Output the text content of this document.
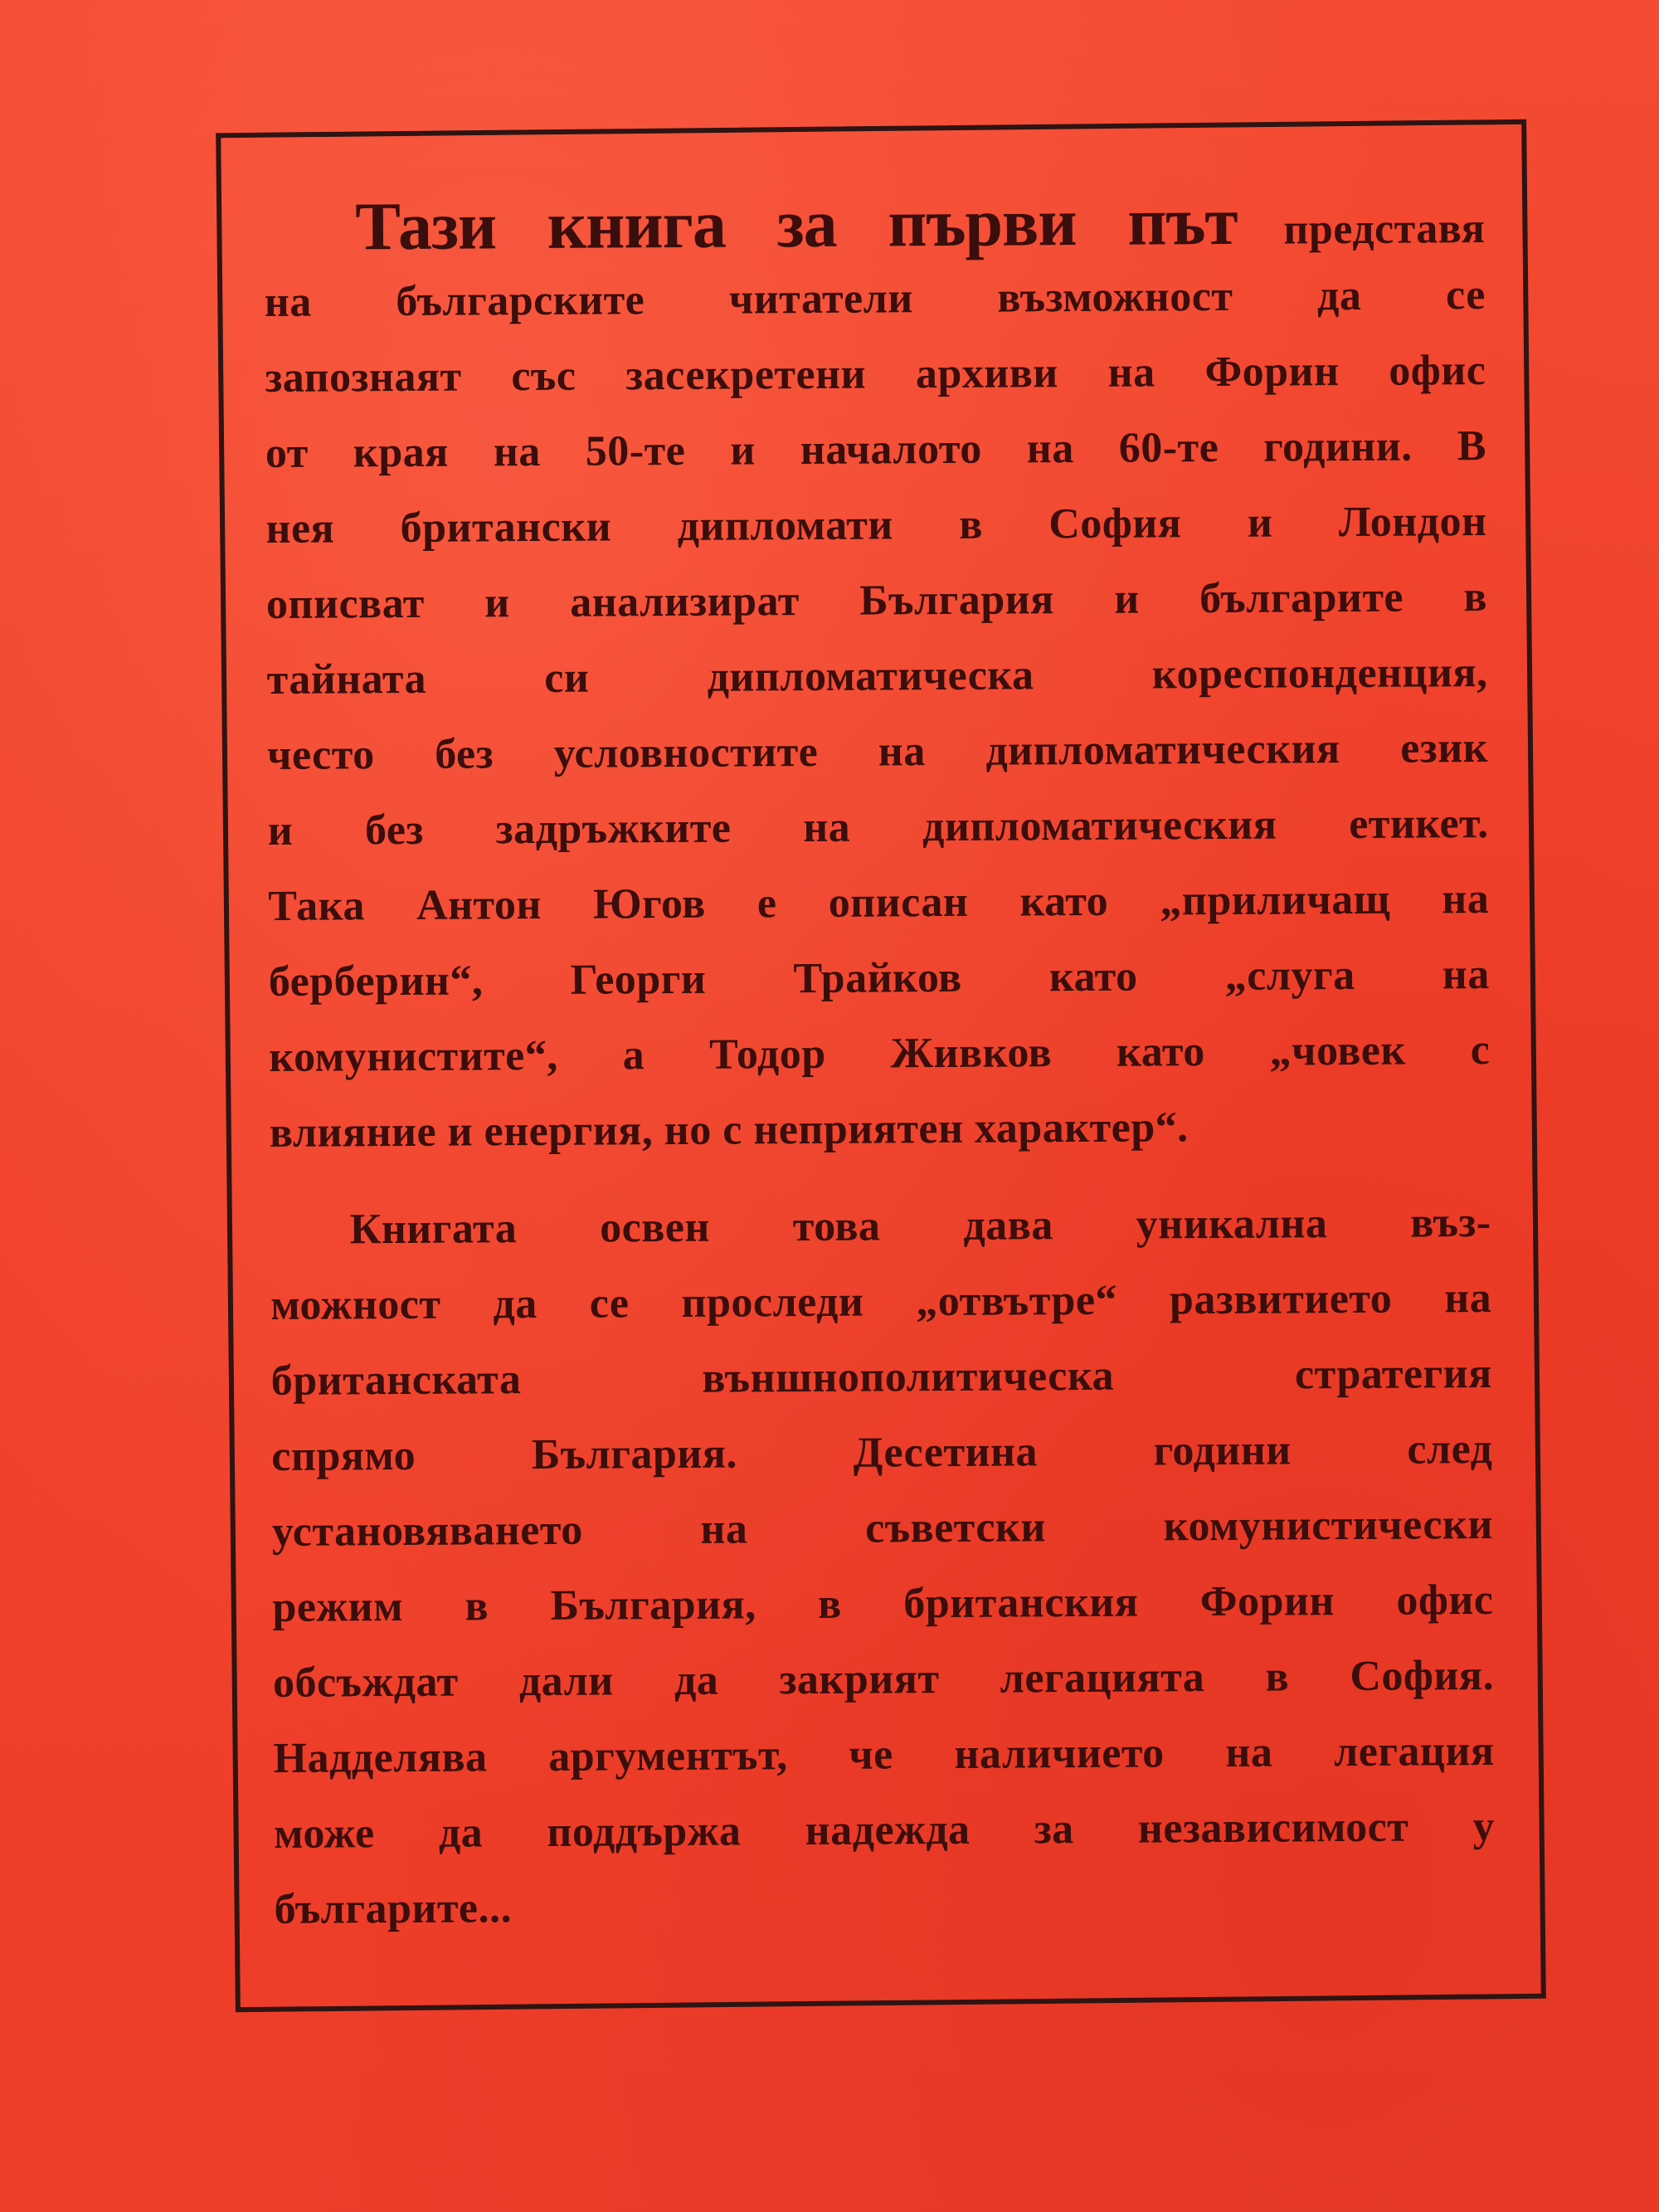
Тази книга за първи път представя
на българските читатели възможност да се
запознаят със засекретени архиви на Форин офис
от края на 50-те и началото на 60-те години. В
нея британски дипломати в София и Лондон
описват и анализират България и българите в
тайната си дипломатическа кореспонденция,
често без условностите на дипломатическия език
и без задръжките на дипломатическия етикет.
Така Антон Югов е описан като „приличащ на
берберин“, Георги Трайков като „слуга на
комунистите“, а Тодор Живков като „човек с
влияние и енергия, но с неприятен характер“.
Книгата освен това дава уникална въз-
можност да се проследи „отвътре“ развитието на
британската външнополитическа стратегия
спрямо България. Десетина години след
установяването на съветски комунистически
режим в България, в британския Форин офис
обсъждат дали да закрият легацията в София.
Надделява аргументът, че наличието на легация
може да поддържа надежда за независимост у
българите...
